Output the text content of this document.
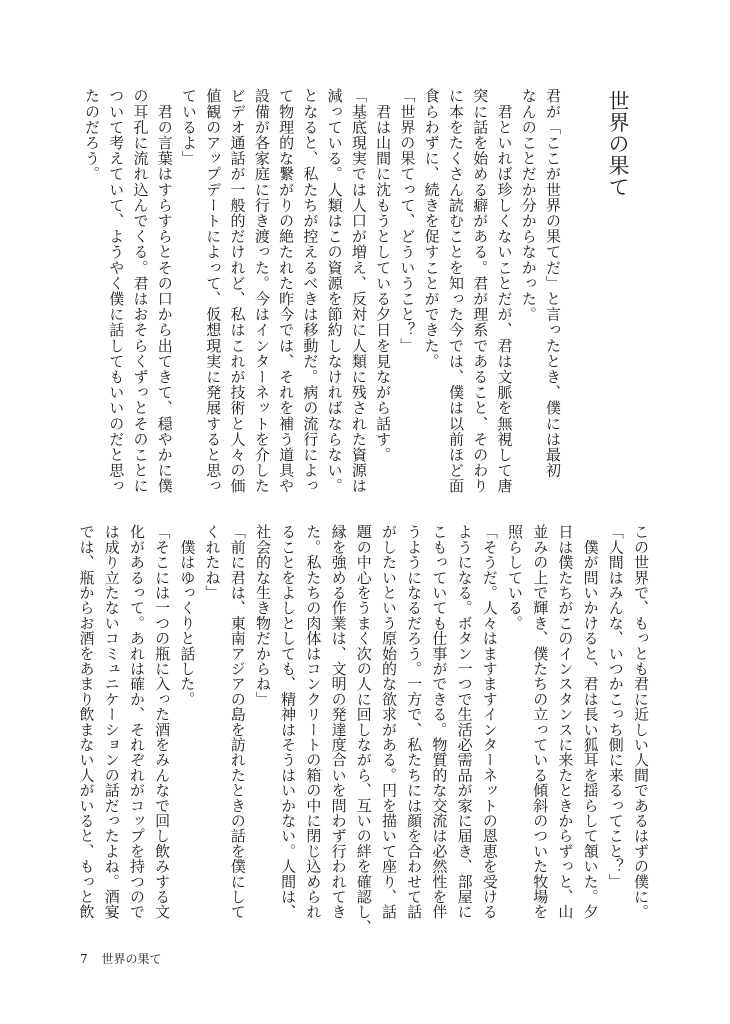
世界の果て
君が「ここが世界の果てだ」と言ったとき、僕には最初
なんのことだか分からなかった。
　君といれば珍しくないことだが、君は文脈を無視して唐
突に話を始める癖がある。君が理系であること、そのわり
に本をたくさん読むことを知った今では、僕は以前ほど面
食らわずに、続きを促すことができた。
「世界の果てって、どういうこと？」
　君は山間に沈もうとしている夕日を見ながら話す。
「基底現実では人口が増え、反対に人類に残された資源は
減っている。人類はこの資源を節約しなければならない。
となると、私たちが控えるべきは移動だ。病の流行によっ
て物理的な繋がりの絶たれた昨今では、それを補う道具や
設備が各家庭に行き渡った。今はインターネットを介した
ビデオ通話が一般的だけれど、私はこれが技術と人々の価
値観のアップデートによって、仮想現実に発展すると思っ
ているよ」
　君の言葉はすらすらとその口から出てきて、穏やかに僕
の耳孔に流れ込んでくる。君はおそらくずっとそのことに
ついて考えていて、ようやく僕に話してもいいのだと思っ
たのだろう。
この世界で、もっとも君に近しい人間であるはずの僕に。
「人間はみんな、いつかこっち側に来るってこと？」
　僕が問いかけると、君は長い狐耳を揺らして頷いた。夕
日は僕たちがこのインスタンスに来たときからずっと、山
並みの上で輝き、僕たちの立っている傾斜のついた牧場を
照らしている。
「そうだ。人々はますますインターネットの恩恵を受ける
ようになる。ボタン一つで生活必需品が家に届き、部屋に
こもっていても仕事ができる。物質的な交流は必然性を伴
うようになるだろう。一方で、私たちには顔を合わせて話
がしたいという原始的な欲求がある。円を描いて座り、話
題の中心をうまく次の人に回しながら、互いの絆を確認し、
縁を強める作業は、文明の発達度合いを問わず行われてき
た。私たちの肉体はコンクリートの箱の中に閉じ込められ
ることをよしとしても、精神はそうはいかない。人間は、
社会的な生き物だからね」
「前に君は、東南アジアの島を訪れたときの話を僕にして
くれたね」
　僕はゆっくりと話した。
「そこには一つの瓶に入った酒をみんなで回し飲みする文
化があるって。あれは確か、それぞれがコップを持つので
は成り立たないコミュニケーションの話だったよね。酒宴
では、瓶からお酒をあまり飲まない人がいると、もっと飲
7 世界の果て
